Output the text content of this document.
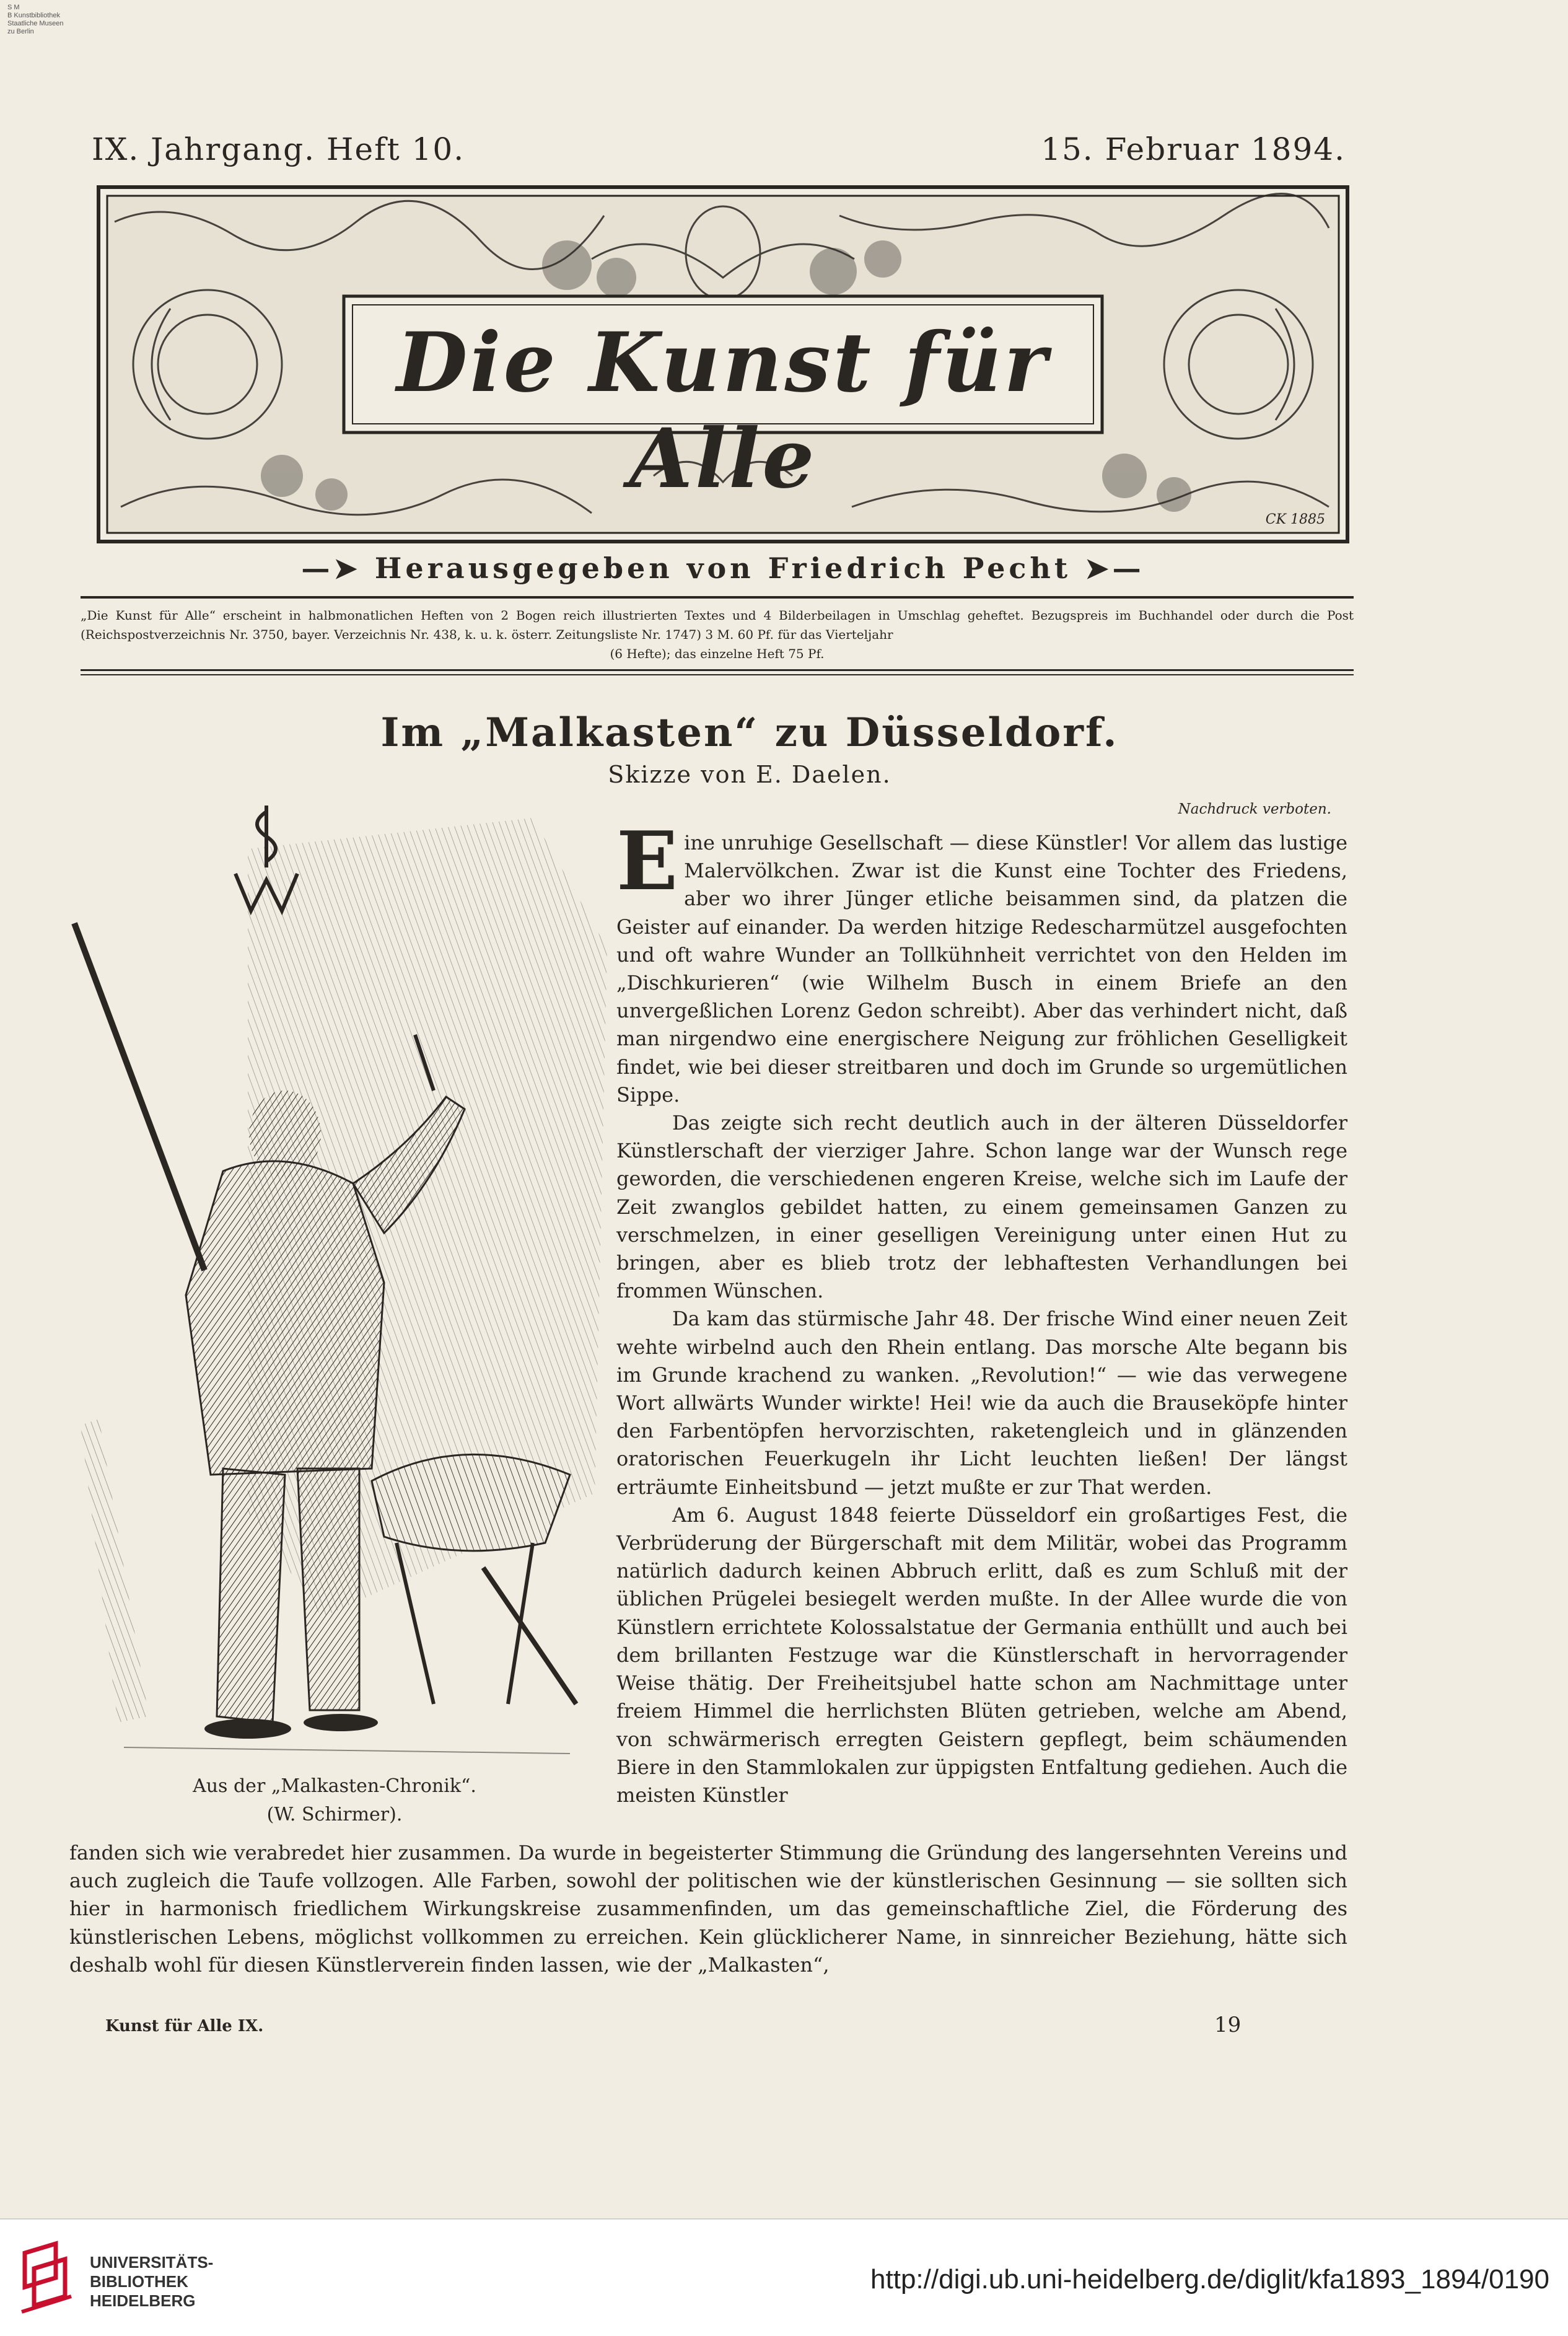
S M
B Kunstbibliothek
Staatliche Museen
zu Berlin
IX. Jahrgang. Heft 10.	15. Februar 1894.
Die Kunst für Alle
CK 1885
—➤ Herausgegeben von Friedrich Pecht ➤—
„Die Kunst für Alle“ erscheint in halbmonatlichen Heften von 2 Bogen reich illustrierten Textes und 4 Bilderbeilagen in Umschlag geheftet. Bezugspreis im Buchhandel oder durch die Post (Reichspostverzeichnis Nr. 3750, bayer. Verzeichnis Nr. 438, k. u. k. österr. Zeitungsliste Nr. 1747) 3 M. 60 Pf. für das Vierteljahr
(6 Hefte); das einzelne Heft 75 Pf.
Im „Malkasten“ zu Düsseldorf.
Skizze von E. Daelen.
Nachdruck verboten.
Aus der „Malkasten-Chronik“.
(W. Schirmer).

Eine unruhige Gesellschaft — diese Künstler! Vor allem das lustige Malervölkchen. Zwar ist die Kunst eine Tochter des Friedens, aber wo ihrer Jünger etliche beisammen sind, da platzen die Geister auf einander. Da werden hitzige Redescharmützel ausgefochten und oft wahre Wunder an Tollkühnheit verrichtet von den Helden im „Dischkurieren“ (wie Wilhelm Busch in einem Briefe an den unvergeßlichen Lorenz Gedon schreibt). Aber das verhindert nicht, daß man nirgendwo eine energischere Neigung zur fröhlichen Geselligkeit findet, wie bei dieser streitbaren und doch im Grunde so urgemütlichen Sippe.

Das zeigte sich recht deutlich auch in der älteren Düsseldorfer Künstlerschaft der vierziger Jahre. Schon lange war der Wunsch rege geworden, die verschiedenen engeren Kreise, welche sich im Laufe der Zeit zwanglos gebildet hatten, zu einem gemeinsamen Ganzen zu verschmelzen, in einer geselligen Vereinigung unter einen Hut zu bringen, aber es blieb trotz der lebhaftesten Verhandlungen bei frommen Wünschen.

Da kam das stürmische Jahr 48. Der frische Wind einer neuen Zeit wehte wirbelnd auch den Rhein entlang. Das morsche Alte begann bis im Grunde krachend zu wanken. „Revolution!“ — wie das verwegene Wort allwärts Wunder wirkte! Hei! wie da auch die Brauseköpfe hinter den Farbentöpfen hervorzischten, raketengleich und in glänzenden oratorischen Feuerkugeln ihr Licht leuchten ließen! Der längst erträumte Einheitsbund — jetzt mußte er zur That werden.

Am 6. August 1848 feierte Düsseldorf ein großartiges Fest, die Verbrüderung der Bürgerschaft mit dem Militär, wobei das Programm natürlich dadurch keinen Abbruch erlitt, daß es zum Schluß mit der üblichen Prügelei besiegelt werden mußte. In der Allee wurde die von Künstlern errichtete Kolossalstatue der Germania enthüllt und auch bei dem brillanten Festzuge war die Künstlerschaft in hervorragender Weise thätig. Der Freiheitsjubel hatte schon am Nachmittage unter freiem Himmel die herrlichsten Blüten getrieben, welche am Abend, von schwärmerisch erregten Geistern gepflegt, beim schäumenden Biere in den Stammlokalen zur üppigsten Entfaltung gediehen. Auch die meisten Künstler

fanden sich wie verabredet hier zusammen. Da wurde in begeisterter Stimmung die Gründung des langersehnten Vereins und auch zugleich die Taufe vollzogen. Alle Farben, sowohl der politischen wie der künstlerischen Gesinnung — sie sollten sich hier in harmonisch friedlichem Wirkungskreise zusammenfinden, um das gemeinschaftliche Ziel, die Förderung des künstlerischen Lebens, möglichst vollkommen zu erreichen. Kein glücklicherer Name, in sinnreicher Beziehung, hätte sich deshalb wohl für diesen Künstlerverein finden lassen, wie der „Malkasten“,
Kunst für Alle IX.	19
UNIVERSITÄTS-
BIBLIOTHEK
HEIDELBERG
http://digi.ub.uni-heidelberg.de/diglit/kfa1893_1894/0190
